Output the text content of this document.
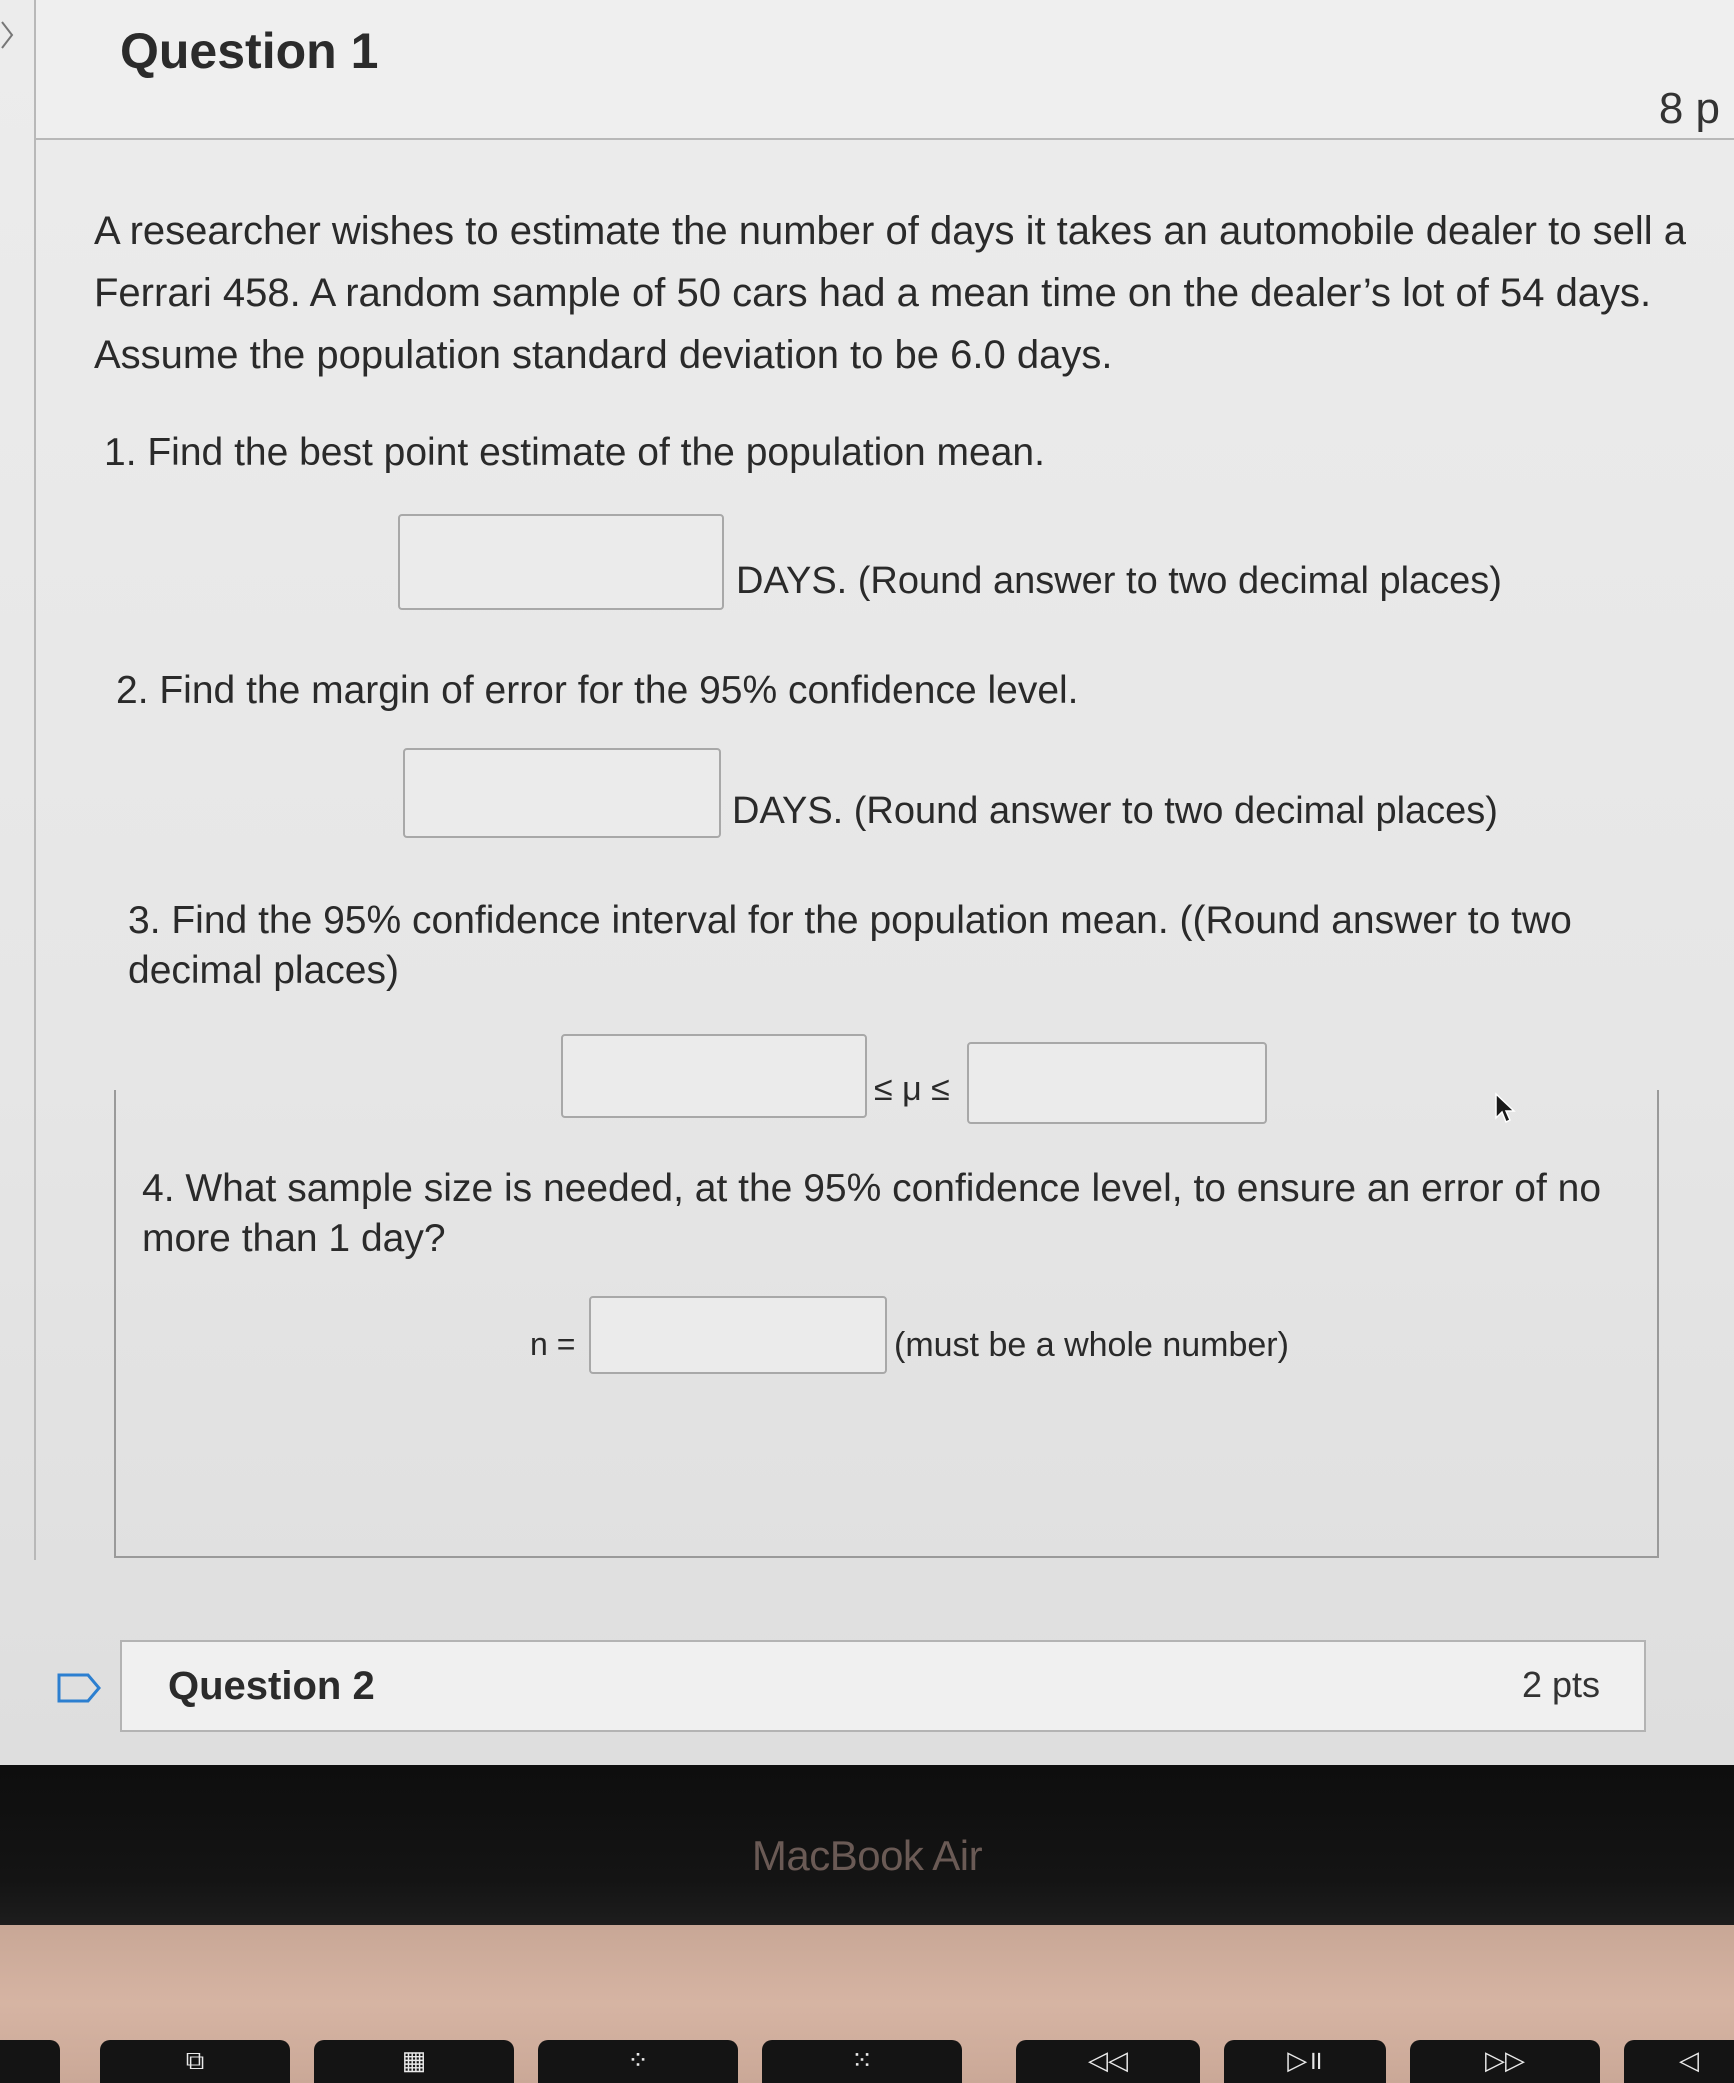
Question 1
8 p
A researcher wishes to estimate the number of days it takes an automobile dealer to sell a Ferrari 458. A random sample of 50 cars had a mean time on the dealer’s lot of 54 days. Assume the population standard deviation to be 6.0 days.
1. Find the best point estimate of the population mean.
DAYS. (Round answer to two decimal places)
2. Find the margin of error for the 95% confidence level.
DAYS. (Round answer to two decimal places)
3. Find the 95% confidence interval for the population mean. ((Round answer to two decimal places)
≤ μ ≤
4. What sample size is needed, at the 95% confidence level, to ensure an error of no more than 1 day?
n =	(must be a whole number)
Question 2	2 pts
MacBook Air
⧉	▦	⁘	⁙	◁◁	▷॥	▷▷	◁
